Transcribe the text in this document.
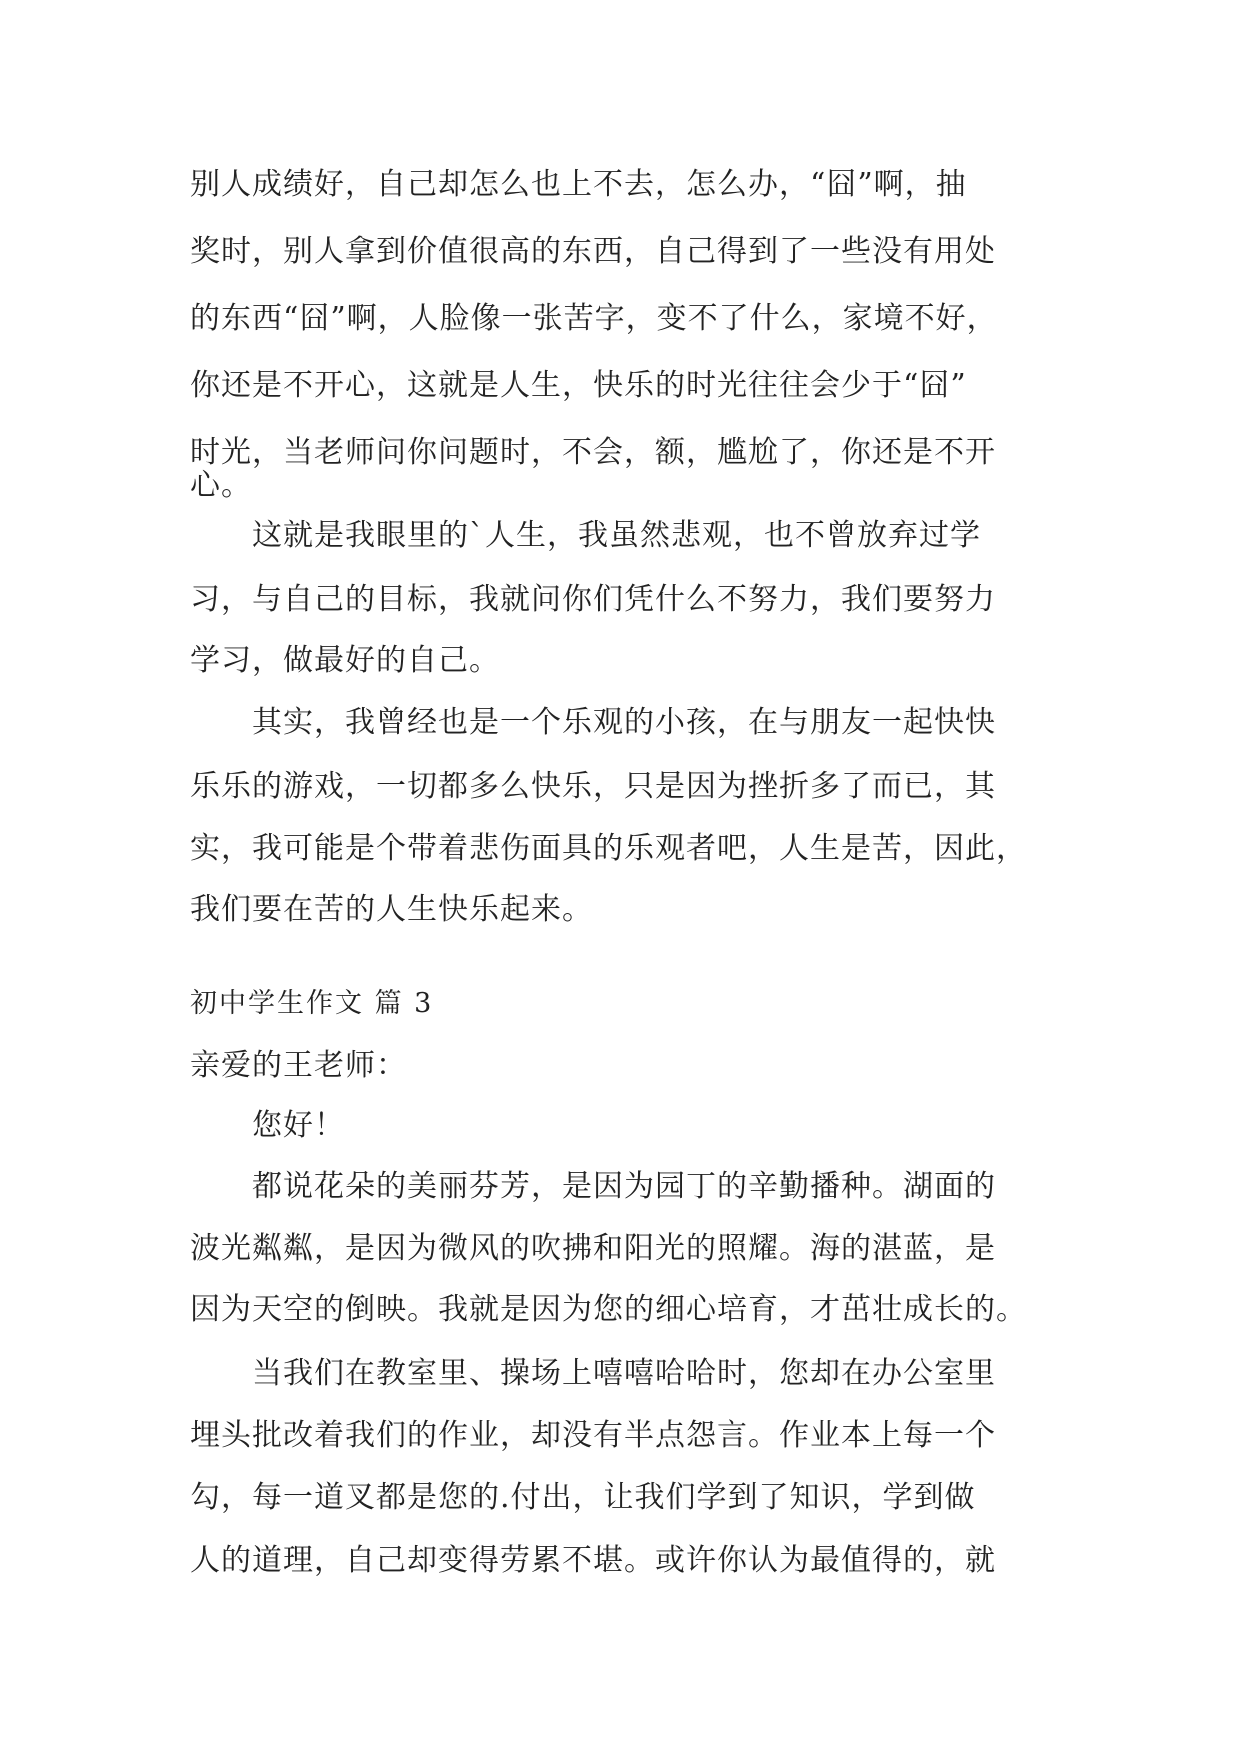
别人成绩好，自己却怎么也上不去，怎么办，“囧”啊，抽
奖时，别人拿到价值很高的东西，自己得到了一些没有用处
的东西“囧”啊，人脸像一张苦字，变不了什么，家境不好，
你还是不开心，这就是人生，快乐的时光往往会少于“囧”
时光，当老师问你问题时，不会，额，尴尬了，你还是不开
心。
　　这就是我眼里的`人生，我虽然悲观，也不曾放弃过学
习，与自己的目标，我就问你们凭什么不努力，我们要努力
学习，做最好的自己。
　　其实，我曾经也是一个乐观的小孩，在与朋友一起快快
乐乐的游戏，一切都多么快乐，只是因为挫折多了而已，其
实，我可能是个带着悲伤面具的乐观者吧，人生是苦，因此，
我们要在苦的人生快乐起来。
初中学生作文 篇 3
亲爱的王老师：
　　您好！
　　都说花朵的美丽芬芳，是因为园丁的辛勤播种。湖面的
波光粼粼，是因为微风的吹拂和阳光的照耀。海的湛蓝，是
因为天空的倒映。我就是因为您的细心培育，才茁壮成长的。
　　当我们在教室里、操场上嘻嘻哈哈时，您却在办公室里
埋头批改着我们的作业，却没有半点怨言。作业本上每一个
勾，每一道叉都是您的.付出，让我们学到了知识，学到做
人的道理，自己却变得劳累不堪。或许你认为最值得的，就
